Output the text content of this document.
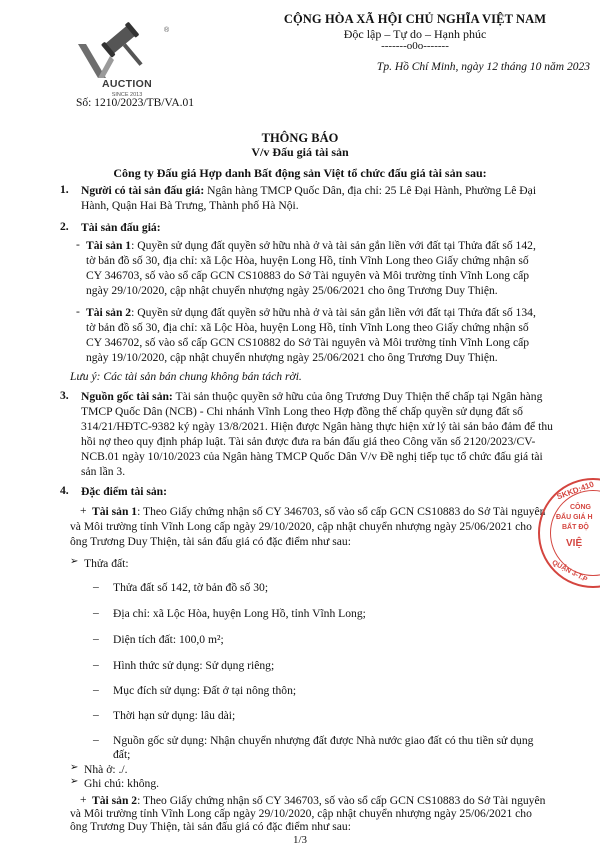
®
AUCTION
SINCE 2013
Số: 1210/2023/TB/VA.01
CỘNG HÒA XÃ HỘI CHỦ NGHĨA VIỆT NAM
Độc lập – Tự do – Hạnh phúc
-------o0o-------
Tp. Hồ Chí Minh, ngày 12 tháng 10 năm 2023
THÔNG BÁO
V/v Đấu giá tài sản
Công ty Đấu giá Hợp danh Bất động sản Việt tổ chức đấu giá tài sản sau:
1. Người có tài sản đấu giá: Ngân hàng TMCP Quốc Dân, địa chỉ: 25 Lê Đại Hành, Phường Lê Đại
Hành, Quận Hai Bà Trưng, Thành phố Hà Nội.
2. Tài sản đấu giá:
- Tài sản 1: Quyền sử dụng đất quyền sở hữu nhà ở và tài sản gắn liền với đất tại Thửa đất số 142,
tờ bản đồ số 30, địa chỉ: xã Lộc Hòa, huyện Long Hồ, tỉnh Vĩnh Long theo Giấy chứng nhận số
CY 346703, số vào sổ cấp GCN CS10883 do Sở Tài nguyên và Môi trường tỉnh Vĩnh Long cấp
ngày 29/10/2020, cập nhật chuyển nhượng ngày 25/06/2021 cho ông Trương Duy Thiện.
- Tài sản 2: Quyền sử dụng đất quyền sở hữu nhà ở và tài sản gắn liền với đất tại Thửa đất số 134,
tờ bản đồ số 30, địa chỉ: xã Lộc Hòa, huyện Long Hồ, tỉnh Vĩnh Long theo Giấy chứng nhận số
CY 346702, số vào sổ cấp GCN CS10882 do Sở Tài nguyên và Môi trường tỉnh Vĩnh Long cấp
ngày 19/10/2020, cập nhật chuyển nhượng ngày 25/06/2021 cho ông Trương Duy Thiện.
Lưu ý: Các tài sản bán chung không bán tách rời.
3. Nguồn gốc tài sản: Tài sản thuộc quyền sở hữu của ông Trương Duy Thiện thế chấp tại Ngân hàng
TMCP Quốc Dân (NCB) - Chi nhánh Vĩnh Long theo Hợp đồng thế chấp quyền sử dụng đất số
314/21/HĐTC-9382 ký ngày 13/8/2021. Hiện được Ngân hàng thực hiện xử lý tài sản bảo đảm để thu
hồi nợ theo quy định pháp luật. Tài sản được đưa ra bán đấu giá theo Công văn số 2120/2023/CV-
NCB.01 ngày 10/10/2023 của Ngân hàng TMCP Quốc Dân V/v Đề nghị tiếp tục tổ chức đấu giá tài
sản lần 3.
4. Đặc điểm tài sản:
+ Tài sản 1: Theo Giấy chứng nhận số CY 346703, số vào sổ cấp GCN CS10883 do Sở Tài nguyên
và Môi trường tỉnh Vĩnh Long cấp ngày 29/10/2020, cập nhật chuyển nhượng ngày 25/06/2021 cho
ông Trương Duy Thiện, tài sản đấu giá có đặc điểm như sau:
➢ Thửa đất:
– Thửa đất số 142, tờ bản đồ số 30;
– Địa chỉ: xã Lộc Hòa, huyện Long Hồ, tỉnh Vĩnh Long;
– Diện tích đất: 100,0 m²;
– Hình thức sử dụng: Sử dụng riêng;
– Mục đích sử dụng: Đất ở tại nông thôn;
– Thời hạn sử dụng: lâu dài;
– Nguồn gốc sử dụng: Nhận chuyển nhượng đất được Nhà nước giao đất có thu tiền sử dụng
đất;
➢ Nhà ở: ./.
➢ Ghi chú: không.
+ Tài sản 2: Theo Giấy chứng nhận số CY 346703, số vào sổ cấp GCN CS10883 do Sở Tài nguyên
và Môi trường tỉnh Vĩnh Long cấp ngày 29/10/2020, cập nhật chuyển nhượng ngày 25/06/2021 cho
ông Trương Duy Thiện, tài sản đấu giá có đặc điểm như sau:
SKKD:410
CÔNG
ĐẤU GIÁ H
BẤT ĐỘ
VIỆ
QUẬN 3-T.P
1/3
